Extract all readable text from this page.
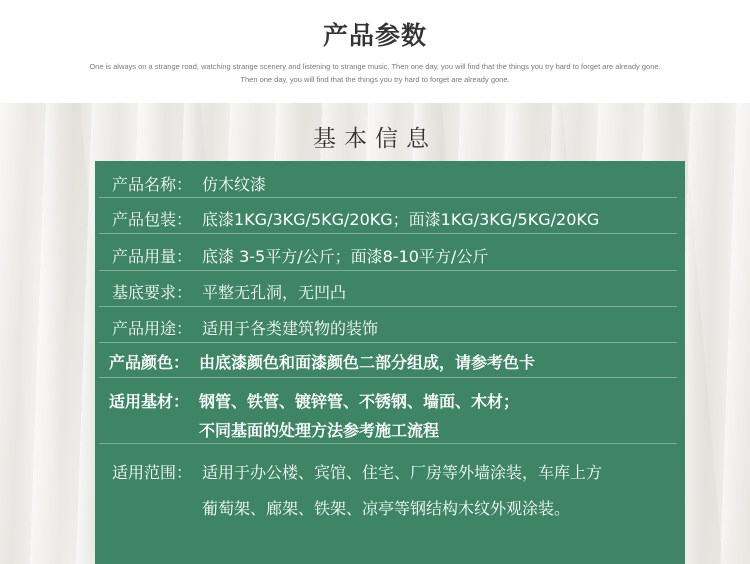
产品参数
One is always on a strange road, watching strange scenery and listening to strange music. Then one day, you will find that the things you try hard to forget are already gone.
Then one day, you will find that the things you try hard to forget are already gone.
基本信息
产品名称： 仿木纹漆
产品包装： 底漆1KG/3KG/5KG/20KG；面漆1KG/3KG/5KG/20KG
产品用量： 底漆 3-5平方/公斤；面漆8-10平方/公斤
基底要求： 平整无孔洞，无凹凸
产品用途： 适用于各类建筑物的装饰
产品颜色： 由底漆颜色和面漆颜色二部分组成，请参考色卡
适用基材： 钢管、铁管、镀锌管、不锈钢、墙面、木材；
不同基面的处理方法参考施工流程
适用范围： 适用于办公楼、宾馆、住宅、厂房等外墙涂装，车库上方
葡萄架、廊架、铁架、凉亭等钢结构木纹外观涂装。
